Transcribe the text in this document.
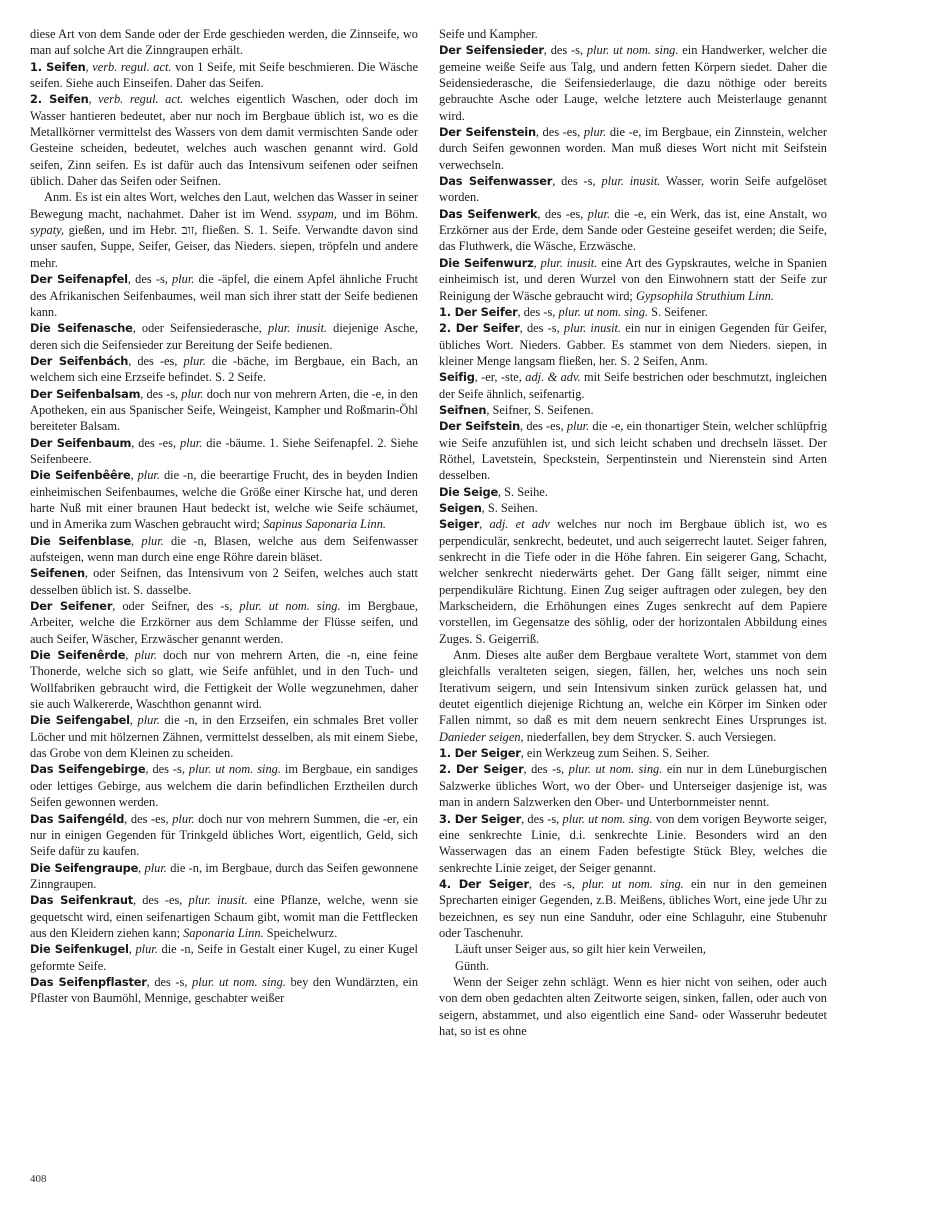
diese Art von dem Sande oder der Erde geschieden werden, die Zinnseife, wo man auf solche Art die Zinngraupen erhält.

1. Seifen, verb. regul. act. von 1 Seife, mit Seife beschmieren. Die Wäsche seifen. Siehe auch Einseifen. Daher das Seifen.

2. Seifen, verb. regul. act. welches eigentlich Waschen, oder doch im Wasser hantieren bedeutet, aber nur noch im Bergbaue üblich ist, wo es die Metallkörner vermittelst des Wassers von dem damit vermischten Sande oder Gesteine scheiden, bedeutet, welches auch waschen genannt wird. Gold seifen, Zinn seifen. Es ist dafür auch das Intensivum seifenen oder seifnen üblich. Daher das Seifen oder Seifnen.

Anm. Es ist ein altes Wort, welches den Laut, welchen das Wasser in seiner Bewegung macht, nachahmet. Daher ist im Wend. ssypam, und im Böhm. sypaty, gießen, und im Hebr. זוב, fließen. S. 1. Seife. Verwandte davon sind unser saufen, Suppe, Seifer, Geiser, das Nieders. siepen, tröpfeln und andere mehr.

Der Seifenapfel, des -s, plur. die -äpfel, die einem Apfel ähnliche Frucht des Afrikanischen Seifenbaumes, weil man sich ihrer statt der Seife bedienen kann.

Die Seifenasche, oder Seifensiederasche, plur. inusit. diejenige Asche, deren sich die Seifensieder zur Bereitung der Seife bedienen.

Der Seifenbách, des -es, plur. die -bäche, im Bergbaue, ein Bach, an welchem sich eine Erzseife befindet. S. 2 Seife.

Der Seifenbalsam, des -s, plur. doch nur von mehrern Arten, die -e, in den Apotheken, ein aus Spanischer Seife, Weingeist, Kampher und Roßmarin-Öhl bereiteter Balsam.

Der Seifenbaum, des -es, plur. die -bäume. 1. Siehe Seifenapfel. 2. Siehe Seifenbeere.

Die Seifenbêêre, plur. die -n, die beerartige Frucht, des in beyden Indien einheimischen Seifenbaumes, welche die Größe einer Kirsche hat, und deren harte Nuß mit einer braunen Haut bedeckt ist, welche wie Seife schäumet, und in Amerika zum Waschen gebraucht wird; Sapinus Saponaria Linn.

Die Seifenblase, plur. die -n, Blasen, welche aus dem Seifenwasser aufsteigen, wenn man durch eine enge Röhre darein bläset.

Seifenen, oder Seifnen, das Intensivum von 2 Seifen, welches auch statt desselben üblich ist. S. dasselbe.

Der Seifener, oder Seifner, des -s, plur. ut nom. sing. im Bergbaue, Arbeiter, welche die Erzkörner aus dem Schlamme der Flüsse seifen, und auch Seifer, Wäscher, Erzwäscher genannt werden.

Die Seifenêrde, plur. doch nur von mehrern Arten, die -n, eine feine Thonerde, welche sich so glatt, wie Seife anfühlet, und in den Tuch- und Wollfabriken gebraucht wird, die Fettigkeit der Wolle wegzunehmen, daher sie auch Walkererde, Waschthon genannt wird.

Die Seifengabel, plur. die -n, in den Erzseifen, ein schmales Bret voller Löcher und mit hölzernen Zähnen, vermittelst desselben, als mit einem Siebe, das Grobe von dem Kleinen zu scheiden.

Das Seifengebirge, des -s, plur. ut nom. sing. im Bergbaue, ein sandiges oder lettiges Gebirge, aus welchem die darin befindlichen Erztheilen durch Seifen gewonnen werden.

Das Saifengéld, des -es, plur. doch nur von mehrern Summen, die -er, ein nur in einigen Gegenden für Trinkgeld übliches Wort, eigentlich, Geld, sich Seife dafür zu kaufen.

Die Seifengraupe, plur. die -n, im Bergbaue, durch das Seifen gewonnene Zinngraupen.

Das Seifenkraut, des -es, plur. inusit. eine Pflanze, welche, wenn sie gequetscht wird, einen seifenartigen Schaum gibt, womit man die Fettflecken aus den Kleidern ziehen kann; Saponaria Linn. Speichelwurz.

Die Seifenkugel, plur. die -n, Seife in Gestalt einer Kugel, zu einer Kugel geformte Seife.

Das Seifenpflaster, des -s, plur. ut nom. sing. bey den Wundärzten, ein Pflaster von Baumöhl, Mennige, geschabter weißer

Seife und Kampher.

Der Seifensieder, des -s, plur. ut nom. sing. ein Handwerker, welcher die gemeine weiße Seife aus Talg, und andern fetten Körpern siedet. Daher die Seidensiederasche, die Seifensiederlauge, die dazu nöthige oder bereits gebrauchte Asche oder Lauge, welche letztere auch Meisterlauge genannt wird.

Der Seifenstein, des -es, plur. die -e, im Bergbaue, ein Zinnstein, welcher durch Seifen gewonnen worden. Man muß dieses Wort nicht mit Seifstein verwechseln.

Das Seifenwasser, des -s, plur. inusit. Wasser, worin Seife aufgelöset worden.

Das Seifenwerk, des -es, plur. die -e, ein Werk, das ist, eine Anstalt, wo Erzkörner aus der Erde, dem Sande oder Gesteine geseifet werden; die Seife, das Fluthwerk, die Wäsche, Erzwäsche.

Die Seifenwurz, plur. inusit. eine Art des Gypskrautes, welche in Spanien einheimisch ist, und deren Wurzel von den Einwohnern statt der Seife zur Reinigung der Wäsche gebraucht wird; Gypsophila Struthium Linn.

1. Der Seifer, des -s, plur. ut nom. sing. S. Seifener.

2. Der Seifer, des -s, plur. inusit. ein nur in einigen Gegenden für Geifer, übliches Wort. Nieders. Gabber. Es stammet von dem Nieders. siepen, in kleiner Menge langsam fließen, her. S. 2 Seifen, Anm.

Seifig, -er, -ste, adj. & adv. mit Seife bestrichen oder beschmutzt, ingleichen der Seife ähnlich, seifenartig.

Seifnen, Seifner, S. Seifenen.

Der Seifstein, des -es, plur. die -e, ein thonartiger Stein, welcher schlüpfrig wie Seife anzufühlen ist, und sich leicht schaben und drechseln lässet. Der Röthel, Lavetstein, Speckstein, Serpentinstein und Nierenstein sind Arten desselben.

Die Seige, S. Seihe.

Seigen, S. Seihen.

Seiger, adj. et adv welches nur noch im Bergbaue üblich ist, wo es perpendiculär, senkrecht, bedeutet, und auch seigerrecht lautet. Seiger fahren, senkrecht in die Tiefe oder in die Höhe fahren. Ein seigerer Gang, Schacht, welcher senkrecht niederwärts gehet. Der Gang fällt seiger, nimmt eine perpendikuläre Richtung. Einen Zug seiger auftragen oder zulegen, bey den Markscheidern, die Erhöhungen eines Zuges senkrecht auf dem Papiere vorstellen, im Gegensatze des söhlig, oder der horizontalen Abbildung eines Zuges. S. Geigerriß.

Anm. Dieses alte außer dem Bergbaue veraltete Wort, stammet von dem gleichfalls veralteten seigen, siegen, fällen, her, welches uns noch sein Iterativum seigern, und sein Intensivum sinken zurück gelassen hat, und deutet eigentlich diejenige Richtung an, welche ein Körper im Sinken oder Fallen nimmt, so daß es mit dem neuern senkrecht Eines Ursprunges ist. Danieder seigen, niederfallen, bey dem Strycker. S. auch Versiegen.

1. Der Seiger, ein Werkzeug zum Seihen. S. Seiher.

2. Der Seiger, des -s, plur. ut nom. sing. ein nur in dem Lüneburgischen Salzwerke übliches Wort, wo der Ober- und Unterseiger dasjenige ist, was man in andern Salzwerken den Ober- und Unterbornmeister nennt.

3. Der Seiger, des -s, plur. ut nom. sing. von dem vorigen Beyworte seiger, eine senkrechte Linie, d.i. senkrechte Linie. Besonders wird an den Wasserwagen das an einem Faden befestigte Stück Bley, welches die senkrechte Linie zeiget, der Seiger genannt.

4. Der Seiger, des -s, plur. ut nom. sing. ein nur in den gemeinen Sprecharten einiger Gegenden, z.B. Meißens, übliches Wort, eine jede Uhr zu bezeichnen, es sey nun eine Sanduhr, oder eine Schlaguhr, eine Stubenuhr oder Taschenuhr.

Läuft unser Seiger aus, so gilt hier kein Verweilen,

Günth.

Wenn der Seiger zehn schlägt. Wenn es hier nicht von seihen, oder auch von dem oben gedachten alten Zeitworte seigen, sinken, fallen, oder auch von seigern, abstammet, und also eigentlich eine Sand- oder Wasseruhr bedeutet hat, so ist es ohne

408
